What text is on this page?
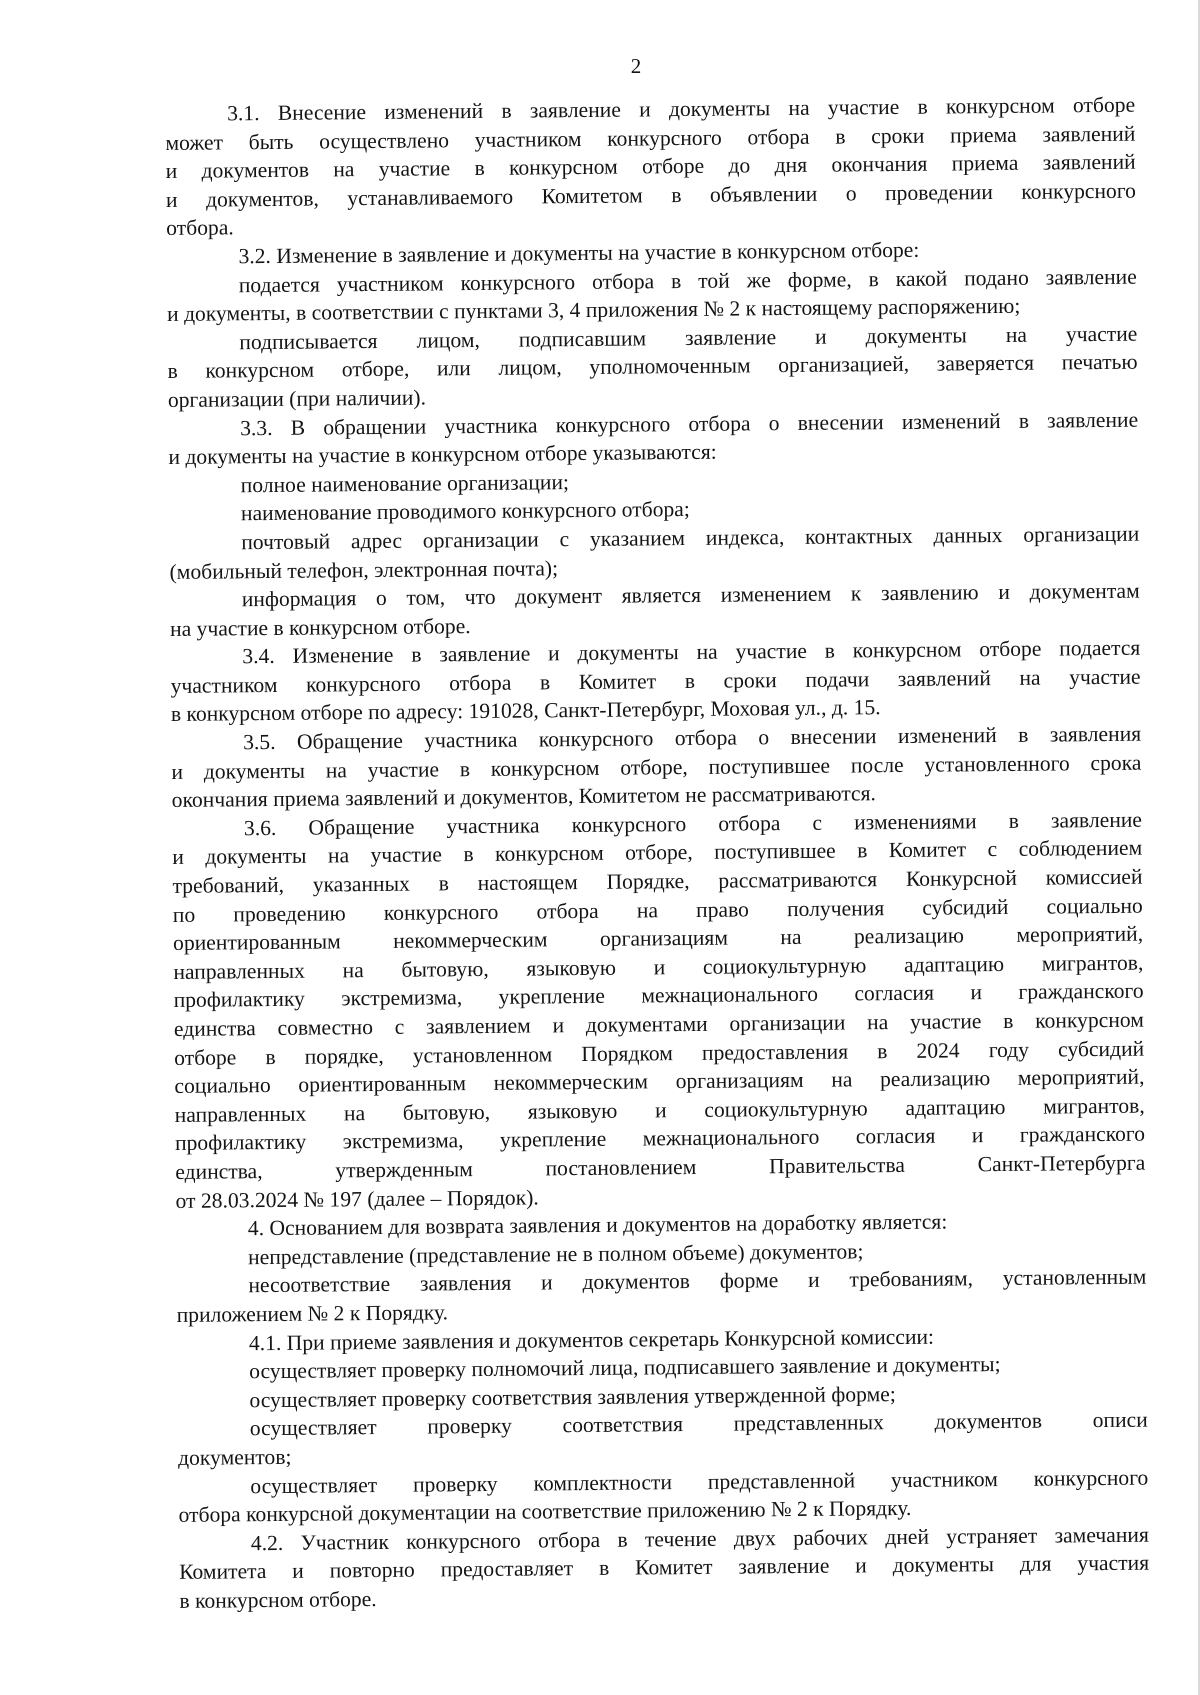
2

3.1. Внесение изменений в заявление и документы на участие в конкурсном отборе
может быть осуществлено участником конкурсного отбора в сроки приема заявлений
и документов на участие в конкурсном отборе до дня окончания приема заявлений
и документов, устанавливаемого Комитетом в объявлении о проведении конкурсного
отбора.

3.2. Изменение в заявление и документы на участие в конкурсном отборе:

подается участником конкурсного отбора в той же форме, в какой подано заявление
и документы, в соответствии с пунктами 3, 4 приложения № 2 к настоящему распоряжению;

подписывается лицом, подписавшим заявление и документы на участие
в конкурсном отборе, или лицом, уполномоченным организацией, заверяется печатью
организации (при наличии).

3.3. В обращении участника конкурсного отбора о внесении изменений в заявление
и документы на участие в конкурсном отборе указываются:

полное наименование организации;

наименование проводимого конкурсного отбора;

почтовый адрес организации с указанием индекса, контактных данных организации
(мобильный телефон, электронная почта);

информация о том, что документ является изменением к заявлению и документам
на участие в конкурсном отборе.

3.4. Изменение в заявление и документы на участие в конкурсном отборе подается
участником конкурсного отбора в Комитет в сроки подачи заявлений на участие
в конкурсном отборе по адресу: 191028, Санкт-Петербург, Моховая ул., д. 15.

3.5. Обращение участника конкурсного отбора о внесении изменений в заявления
и документы на участие в конкурсном отборе, поступившее после установленного срока
окончания приема заявлений и документов, Комитетом не рассматриваются.

3.6. Обращение участника конкурсного отбора с изменениями в заявление
и документы на участие в конкурсном отборе, поступившее в Комитет с соблюдением
требований, указанных в настоящем Порядке, рассматриваются Конкурсной комиссией
по проведению конкурсного отбора на право получения субсидий социально
ориентированным некоммерческим организациям на реализацию мероприятий,
направленных на бытовую, языковую и социокультурную адаптацию мигрантов,
профилактику экстремизма, укрепление межнационального согласия и гражданского
единства совместно с заявлением и документами организации на участие в конкурсном
отборе в порядке, установленном Порядком предоставления в 2024 году субсидий
социально ориентированным некоммерческим организациям на реализацию мероприятий,
направленных на бытовую, языковую и социокультурную адаптацию мигрантов,
профилактику экстремизма, укрепление межнационального согласия и гражданского
единства, утвержденным постановлением Правительства Санкт-Петербурга
от 28.03.2024 № 197 (далее – Порядок).

4. Основанием для возврата заявления и документов на доработку является:

непредставление (представление не в полном объеме) документов;

несоответствие заявления и документов форме и требованиям, установленным
приложением № 2 к Порядку.

4.1. При приеме заявления и документов секретарь Конкурсной комиссии:

осуществляет проверку полномочий лица, подписавшего заявление и документы;

осуществляет проверку соответствия заявления утвержденной форме;

осуществляет проверку соответствия представленных документов описи
документов;

осуществляет проверку комплектности представленной участником конкурсного
отбора конкурсной документации на соответствие приложению № 2 к Порядку.

4.2. Участник конкурсного отбора в течение двух рабочих дней устраняет замечания
Комитета и повторно предоставляет в Комитет заявление и документы для участия
в конкурсном отборе.
